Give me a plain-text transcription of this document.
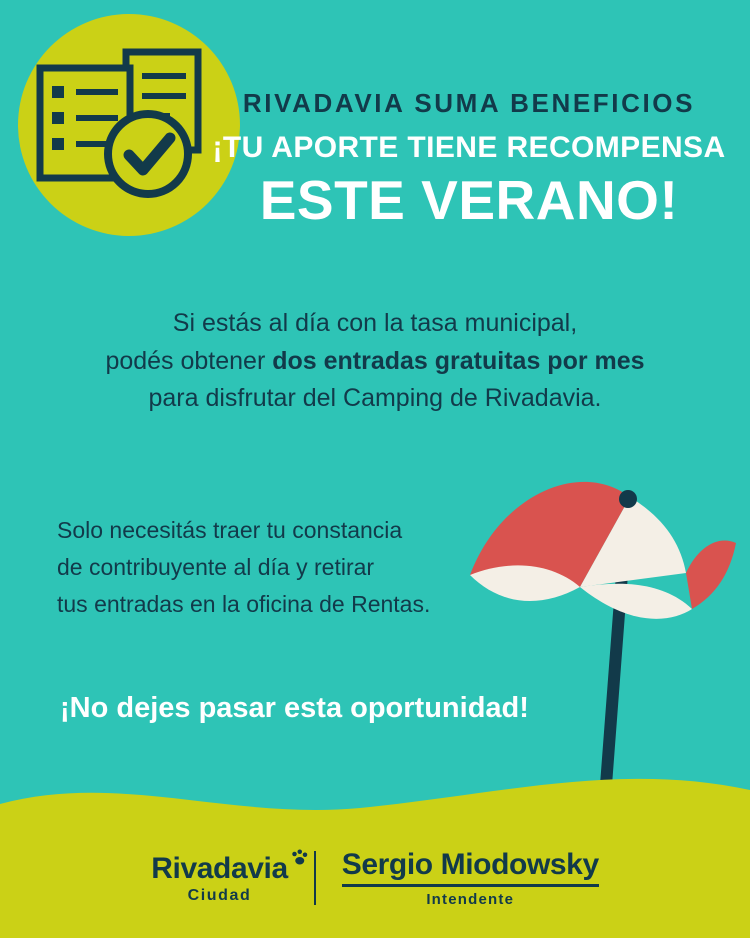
RIVADAVIA SUMA BENEFICIOS
¡TU APORTE TIENE RECOMPENSA
ESTE VERANO!
Si estás al día con la tasa municipal,
podés obtener dos entradas gratuitas por mes
para disfrutar del Camping de Rivadavia.
Solo necesitás traer tu constancia
de contribuyente al día y retirar
tus entradas en la oficina de Rentas.
¡No dejes pasar esta oportunidad!
Rivadavia
Ciudad
Sergio Miodowsky
Intendente
